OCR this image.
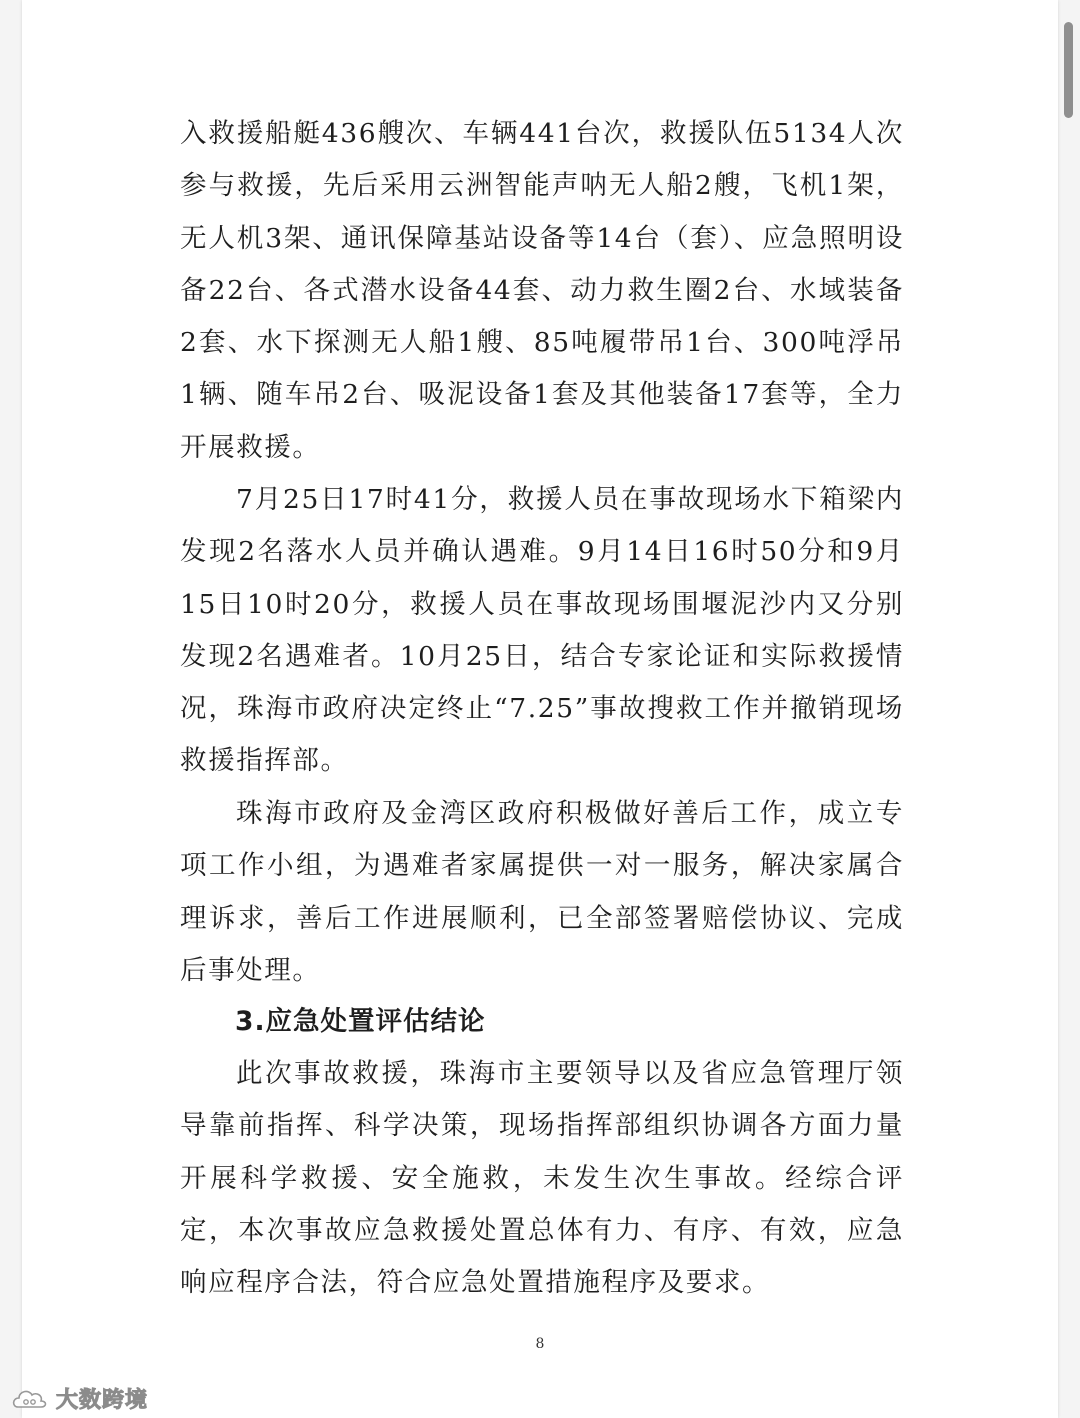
入救援船艇436艘次、车辆441台次，救援队伍5134人次参与救援，先后采用云洲智能声呐无人船2艘，飞机1架，无人机3架、通讯保障基站设备等14台（套）、应急照明设备22台、各式潜水设备44套、动力救生圈2台、水域装备2套、水下探测无人船1艘、85吨履带吊1台、300吨浮吊1辆、随车吊2台、吸泥设备1套及其他装备17套等，全力开展救援。

7月25日17时41分，救援人员在事故现场水下箱梁内发现2名落水人员并确认遇难。9月14日16时50分和9月15日10时20分，救援人员在事故现场围堰泥沙内又分别发现2名遇难者。10月25日，结合专家论证和实际救援情况，珠海市政府决定终止“7.25”事故搜救工作并撤销现场救援指挥部。

珠海市政府及金湾区政府积极做好善后工作，成立专项工作小组，为遇难者家属提供一对一服务，解决家属合理诉求，善后工作进展顺利，已全部签署赔偿协议、完成后事处理。

3.应急处置评估结论

此次事故救援，珠海市主要领导以及省应急管理厅领导靠前指挥、科学决策，现场指挥部组织协调各方面力量开展科学救援、安全施救，未发生次生事故。经综合评定，本次事故应急救援处置总体有力、有序、有效，应急响应程序合法，符合应急处置措施程序及要求。

8
大数跨境
